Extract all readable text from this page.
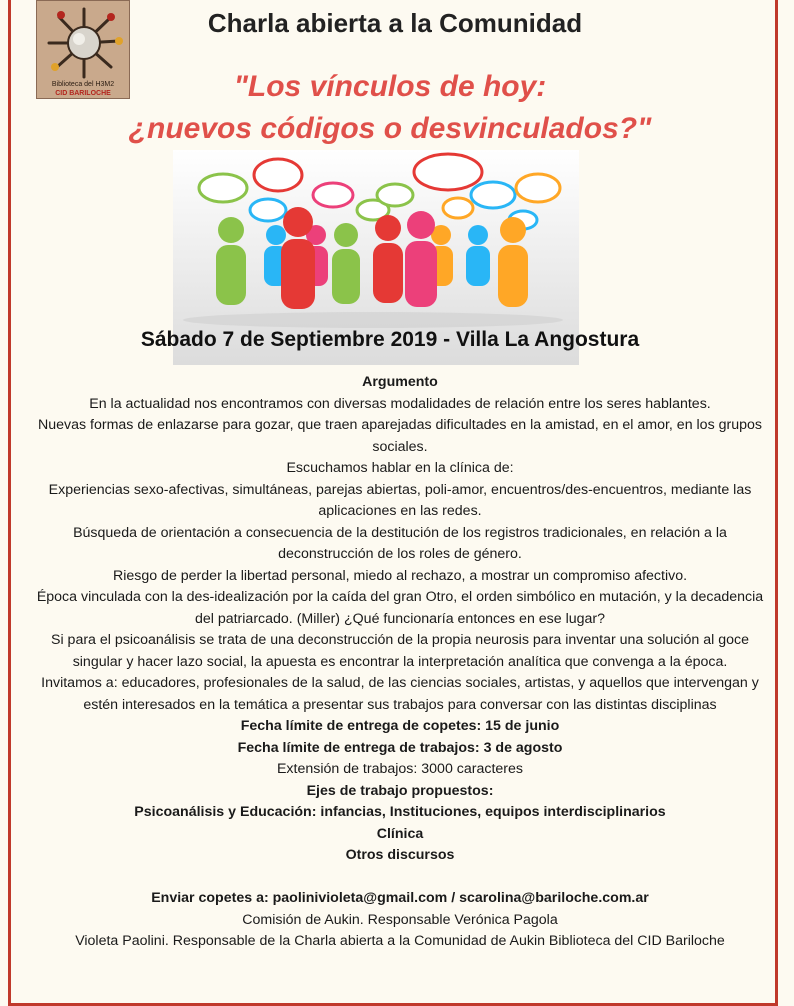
Biblioteca del H3M2
CID BARILOCHE
Charla abierta a la Comunidad
"Los vínculos de hoy:
¿nuevos códigos o desvinculados?"
Sábado 7 de Septiembre 2019 - Villa La Angostura

Argumento

En la actualidad nos encontramos con diversas modalidades de relación entre los seres hablantes.

Nuevas formas de enlazarse para gozar, que traen aparejadas dificultades en la amistad, en el amor, en los grupos sociales.

Escuchamos hablar en la clínica de:

Experiencias sexo-afectivas, simultáneas, parejas abiertas, poli-amor, encuentros/des-encuentros, mediante las aplicaciones en las redes.

Búsqueda de orientación a consecuencia de la destitución de los registros tradicionales, en relación a la deconstrucción de los roles de género.

Riesgo de perder la libertad personal, miedo al rechazo, a mostrar un compromiso afectivo.

Época vinculada con la des-idealización por la caída del gran Otro, el orden simbólico en mutación, y la decadencia del patriarcado. (Miller) ¿Qué funcionaría entonces en ese lugar?

Si para el psicoanálisis se trata de una deconstrucción de la propia neurosis para inventar una solución al goce singular y hacer lazo social, la apuesta es encontrar la interpretación analítica que convenga a la época.

Invitamos a: educadores, profesionales de la salud, de las ciencias sociales, artistas, y aquellos que intervengan y estén interesados en la temática a presentar sus trabajos para conversar con las distintas disciplinas

Fecha límite de entrega de copetes: 15 de junio

Fecha límite de entrega de trabajos: 3 de agosto

Extensión de trabajos: 3000 caracteres

Ejes de trabajo propuestos:

Psicoanálisis y Educación: infancias, Instituciones, equipos interdisciplinarios

Clínica

Otros discursos

Enviar copetes a: paolinivioleta@gmail.com / scarolina@bariloche.com.ar

Comisión de Aukin. Responsable Verónica Pagola

Violeta Paolini. Responsable de la Charla abierta a la Comunidad de Aukin Biblioteca del CID Bariloche
